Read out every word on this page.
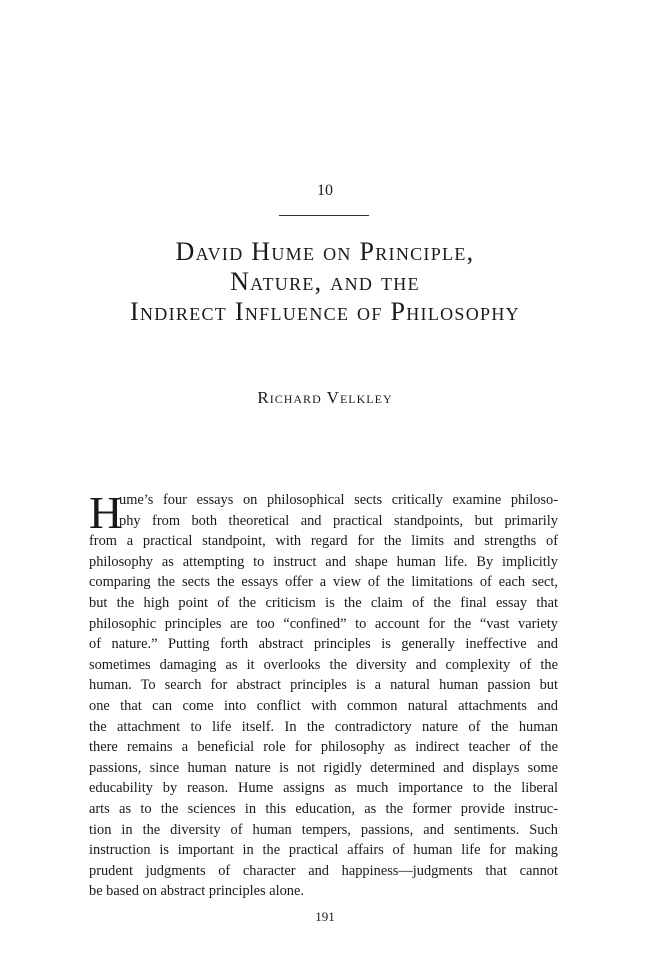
10
David Hume on Principle,
Nature, and the
Indirect Influence of Philosophy
Richard Velkley
H

ume’s four essays on philosophical sects critically examine philoso-
phy from both theoretical and practical standpoints, but primarily
from a practical standpoint, with regard for the limits and strengths of
philosophy as attempting to instruct and shape human life. By implicitly
comparing the sects the essays offer a view of the limitations of each sect,
but the high point of the criticism is the claim of the final essay that
philosophic principles are too “confined” to account for the “vast variety
of nature.” Putting forth abstract principles is generally ineffective and
sometimes damaging as it overlooks the diversity and complexity of the
human. To search for abstract principles is a natural human passion but
one that can come into conflict with common natural attachments and
the attachment to life itself. In the contradictory nature of the human
there remains a beneficial role for philosophy as indirect teacher of the
passions, since human nature is not rigidly determined and displays some
educability by reason. Hume assigns as much importance to the liberal
arts as to the sciences in this education, as the former provide instruc-
tion in the diversity of human tempers, passions, and sentiments. Such
instruction is important in the practical affairs of human life for making
prudent judgments of character and happiness—judgments that cannot
be based on abstract principles alone.

191
